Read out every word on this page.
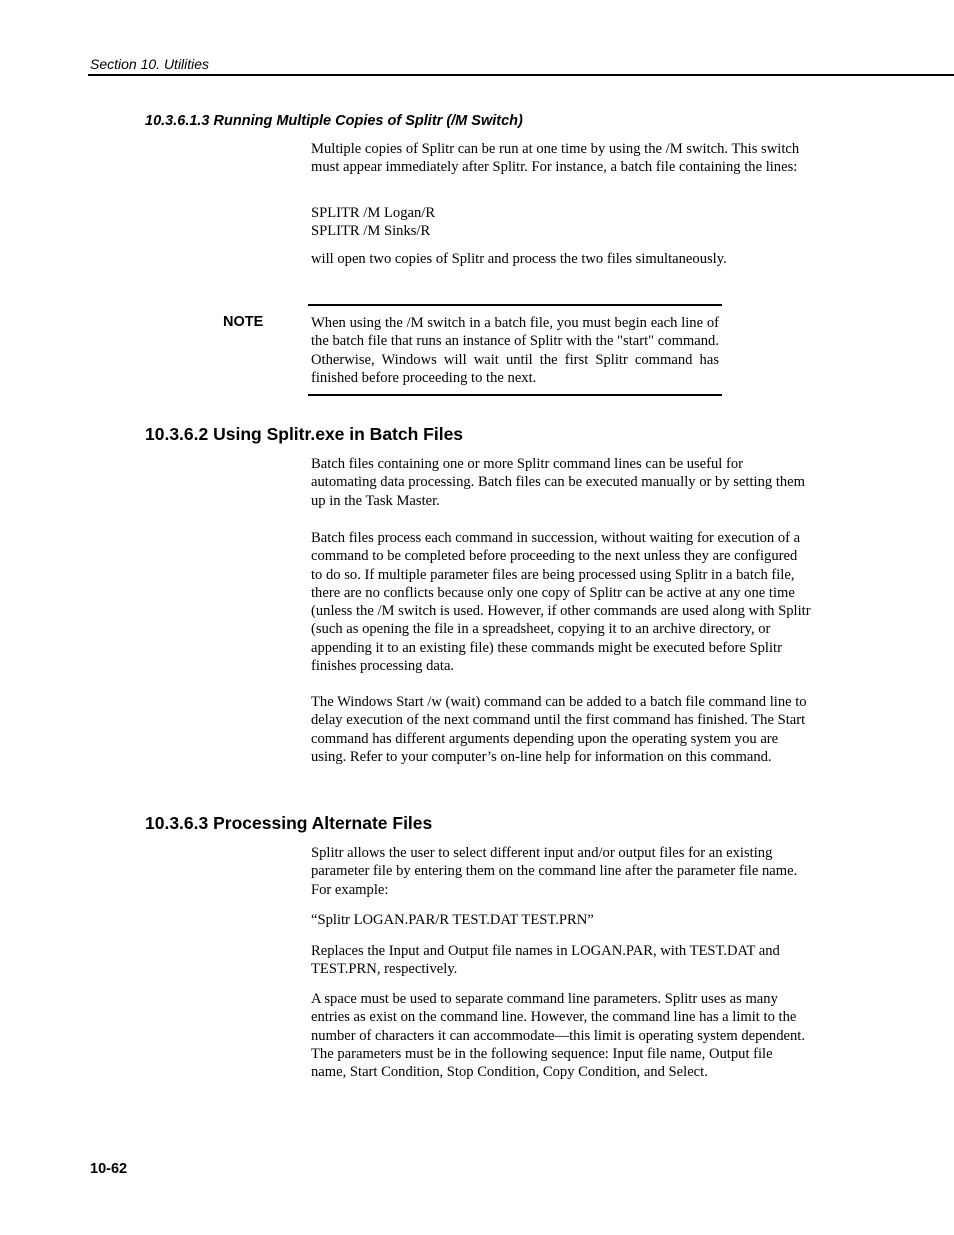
Section 10. Utilities
10.3.6.1.3 Running Multiple Copies of Splitr (/M Switch)

Multiple copies of Splitr can be run at one time by using the /M switch. This switch must appear immediately after Splitr. For instance, a batch file containing the lines:

SPLITR /M Logan/R
SPLITR /M Sinks/R

will open two copies of Splitr and process the two files simultaneously.

NOTE	When using the /M switch in a batch file, you must begin each line of the batch file that runs an instance of Splitr with the "start" command. Otherwise, Windows will wait until the first Splitr command has finished before proceeding to the next.

10.3.6.2 Using Splitr.exe in Batch Files

Batch files containing one or more Splitr command lines can be useful for automating data processing. Batch files can be executed manually or by setting them up in the Task Master.

Batch files process each command in succession, without waiting for execution of a command to be completed before proceeding to the next unless they are configured to do so. If multiple parameter files are being processed using Splitr in a batch file, there are no conflicts because only one copy of Splitr can be active at any one time (unless the /M switch is used. However, if other commands are used along with Splitr (such as opening the file in a spreadsheet, copying it to an archive directory, or appending it to an existing file) these commands might be executed before Splitr finishes processing data.

The Windows Start /w (wait) command can be added to a batch file command line to delay execution of the next command until the first command has finished. The Start command has different arguments depending upon the operating system you are using. Refer to your computer’s on-line help for information on this command.

10.3.6.3 Processing Alternate Files

Splitr allows the user to select different input and/or output files for an existing parameter file by entering them on the command line after the parameter file name. For example:

“Splitr LOGAN.PAR/R TEST.DAT TEST.PRN”

Replaces the Input and Output file names in LOGAN.PAR, with TEST.DAT and TEST.PRN, respectively.

A space must be used to separate command line parameters. Splitr uses as many entries as exist on the command line. However, the command line has a limit to the number of characters it can accommodate—this limit is operating system dependent. The parameters must be in the following sequence: Input file name, Output file name, Start Condition, Stop Condition, Copy Condition, and Select.

10-62
